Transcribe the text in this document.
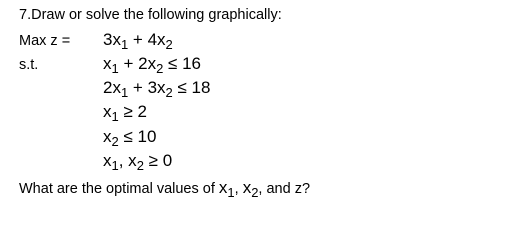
7.Draw or solve the following graphically:
Max $z = 3x_1 + 4x_2$
s.t.	$x_1 + 2x_2 \le 16$
$2x_1 + 3x_2 \le 18$
$x_1 \ge 2$
$x_2 \le 10$
$x_1$, $x_2 \ge 0$
What are the optimal values of $x_1$, $x_2$, and z?
